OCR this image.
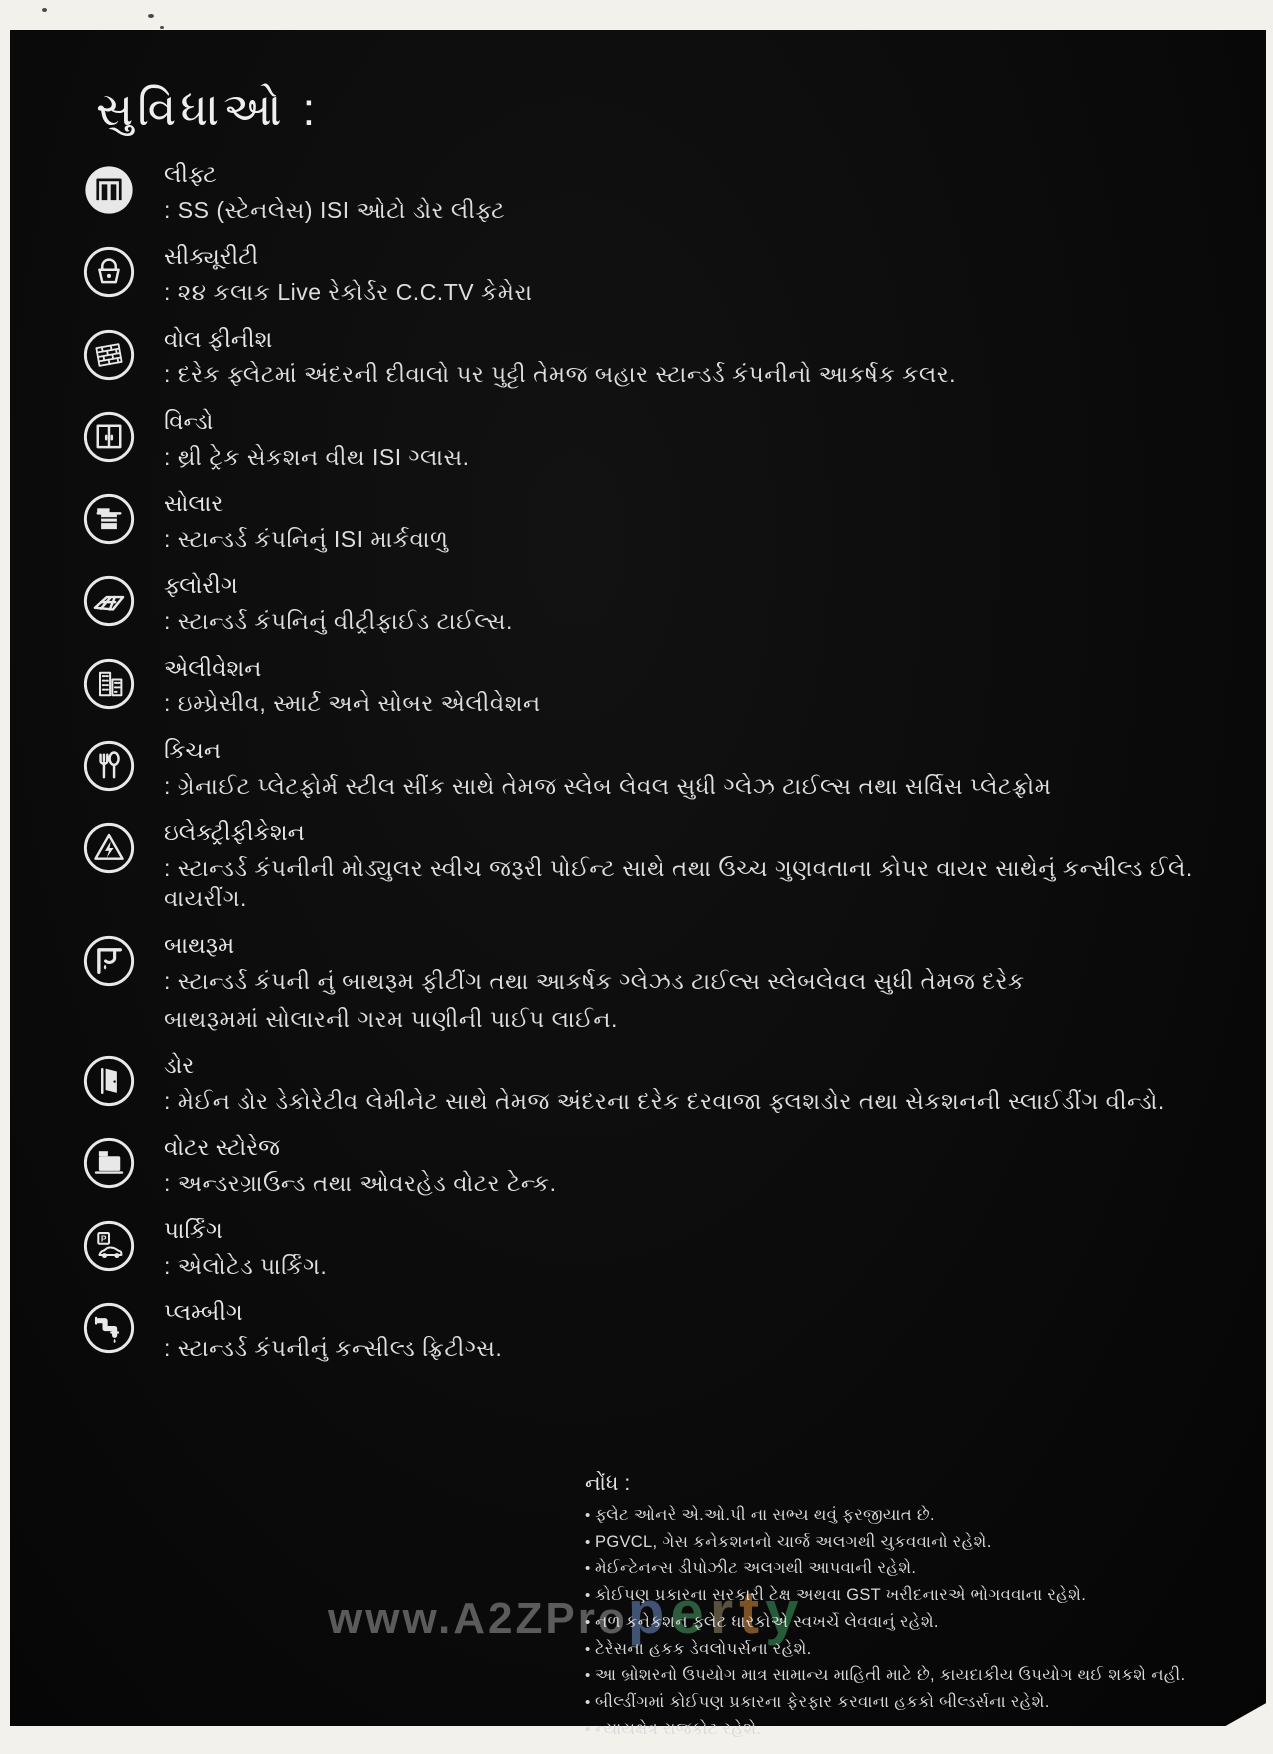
સુવિધાઓ :
લીફ્ટ
: SS (સ્ટેનલેસ) ISI ઓટો ડોર લીફ્ટ
સીક્યૂરીટી
: ૨૪ કલાક Live રેકોર્ડર C.C.TV કેમેરા
વોલ ફીનીશ
: દરેક ફ્લેટમાં અંદરની દીવાલો પર પુટ્ટી તેમજ બહાર સ્ટાન્ડર્ડ કંપનીનો આકર્ષક કલર.
વિન્ડો
: થ્રી ટ્રેક સેકશન વીથ ISI ગ્લાસ.
સોલાર
: સ્ટાન્ડર્ડ કંપનિનું ISI માર્કવાળુ
ફ્લોરીગ
: સ્ટાન્ડર્ડ કંપનિનું વીટ્રીફાઈડ ટાઈલ્સ.
એલીવેશન
: ઇમ્પ્રેસીવ, સ્માર્ટ અને સોબર એલીવેશન
કિચન
: ગ્રેનાઈટ પ્લેટફોર્મ સ્ટીલ સીંક સાથે તેમજ સ્લેબ લેવલ સુધી ગ્લેઝ ટાઈલ્સ તથા સર્વિસ પ્લેટફ્રોમ
ઇલેક્ટ્રીફીકેશન
: સ્ટાન્ડર્ડ કંપનીની મોડ્યુલર સ્વીચ જરૂરી પોઈન્ટ સાથે તથા ઉચ્ચ ગુણવતાના કોપર વાયર સાથેનું કન્સીલ્ડ ઈલે. વાયરીંગ.
બાથરૂમ
: સ્ટાન્ડર્ડ કંપની નું બાથરૂમ ફીટીંગ તથા આકર્ષક ગ્લેઝડ ટાઈલ્સ સ્લેબલેવલ સુધી તેમજ દરેક
બાથરૂમમાં સોલારની ગરમ પાણીની પાઈપ લાઈન.
ડોર
: મેઈન ડોર ડેકોરેટીવ લેમીનેટ સાથે તેમજ અંદરના દરેક દરવાજા ફ્લશડોર તથા સેકશનની સ્લાઈડીંગ વીન્ડો.
વોટર સ્ટોરેજ
: અન્ડરગ્રાઉન્ડ તથા ઓવરહેડ વોટર ટેન્ક.
P પાર્કિંગ
: એલોટેડ પાર્કિંગ.
પ્લમ્બીગ
: સ્ટાન્ડર્ડ કંપનીનું કન્સીલ્ડ ફ્રિટીગ્સ.
www.A2ZProperty
નોંધ :
• ફ્લેટ ઓનરે એ.ઓ.પી ના સભ્ય થવું ફરજીયાત છે.
• PGVCL, ગેસ કનેકશનનો ચાર્જ અલગથી ચુકવવાનો રહેશે.
• મેઈન્ટેનન્સ ડીપોઝીટ અલગથી આપવાની રહેશે.
• કોઈપણ પ્રકારના સરકારી ટેક્ષ અથવા GST ખરીદનારએ ભોગવવાના રહેશે.
• નળ કનેકશન ફ્લેટ ધારકોએ સ્વખર્ચે લેવવાનું રહેશે.
• ટેરેસના હકક ડેવલોપર્સના રહેશે.
• આ બ્રોશરનો ઉપયોગ માત્ર સામાન્ય માહિતી માટે છે, કાયદાકીય ઉપયોગ થઈ શકશે નહી.
• બીલ્ડીંગમાં કોઈપણ પ્રકારના ફેરફાર કરવાના હકકો બીલ્ડર્સના રહેશે.
• ન્યાયક્ષેત્ર રાજકોટ રહેશે.
